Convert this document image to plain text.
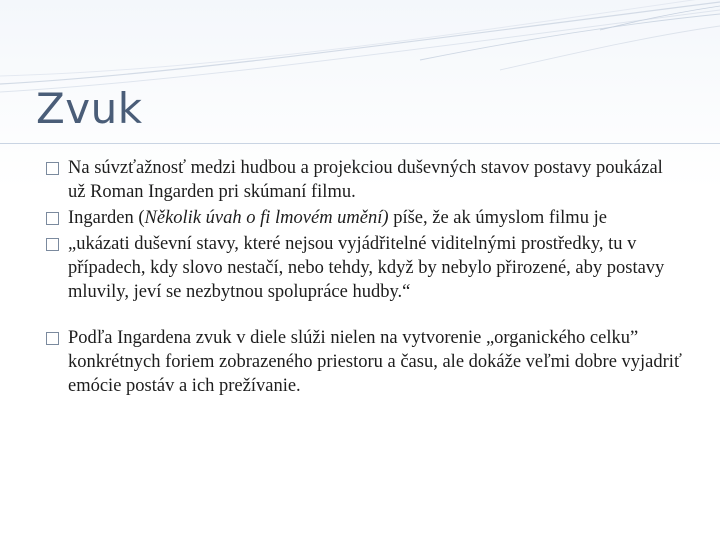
Zvuk
Na súvzťažnosť medzi hudbou a projekciou duševných stavov postavy poukázal už Roman Ingarden pri skúmaní filmu.
Ingarden (Několik úvah o fi lmovém umění) píše, že ak úmyslom filmu je
„ukázati duševní stavy, které nejsou vyjádřitelné viditelnými prostředky, tu v případech, kdy slovo nestačí, nebo tehdy, když by nebylo přirozené, aby postavy mluvily, jeví se nezbytnou spolupráce hudby.“
Podľa Ingardena zvuk v diele slúži nielen na vytvorenie „organického celku” konkrétnych foriem zobrazeného priestoru a času, ale dokáže veľmi dobre vyjadriť emócie postáv a ich prežívanie.
